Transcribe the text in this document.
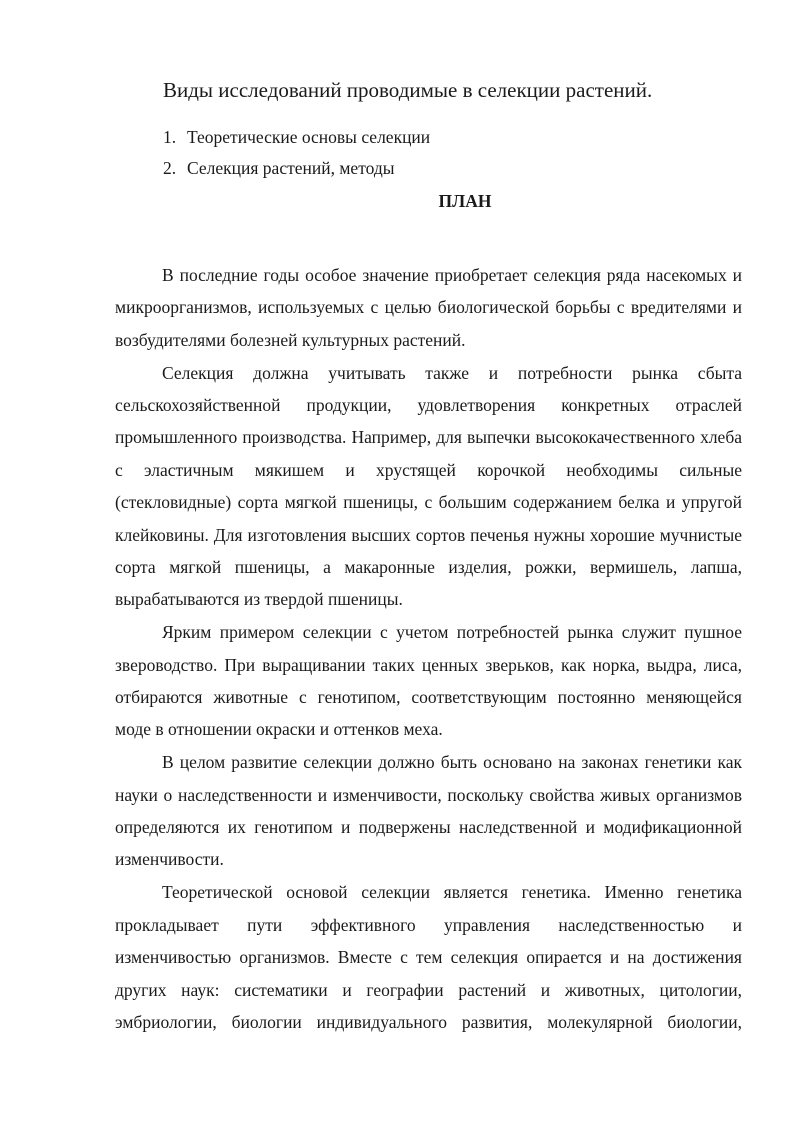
Виды исследований проводимые в селекции растений.
1. Теоретические основы селекции
2. Селекция растений, методы
ПЛАН

В последние годы особое значение приобретает селекция ряда насекомых и микроорганизмов, используемых с целью биологической борьбы с вредителями и возбудителями болезней культурных растений.

Селекция должна учитывать также и потребности рынка сбыта сельскохозяйственной продукции, удовлетворения конкретных отраслей промышленного производства. Например, для выпечки высококачественного хлеба с эластичным мякишем и хрустящей корочкой необходимы сильные (стекловидные) сорта мягкой пшеницы, с большим содержанием белка и упругой клейковины. Для изготовления высших сортов печенья нужны хорошие мучнистые сорта мягкой пшеницы, а макаронные изделия, рожки, вермишель, лапша, вырабатываются из твердой пшеницы.

Ярким примером селекции с учетом потребностей рынка служит пушное звероводство. При выращивании таких ценных зверьков, как норка, выдра, лиса, отбираются животные с генотипом, соответствующим постоянно меняющейся моде в отношении окраски и оттенков меха.

В целом развитие селекции должно быть основано на законах генетики как науки о наследственности и изменчивости, поскольку свойства живых организмов определяются их генотипом и подвержены наследственной и модификационной изменчивости.

Теоретической основой селекции является генетика. Именно генетика прокладывает пути эффективного управления наследственностью и изменчивостью организмов. Вместе с тем селекция опирается и на достижения других наук: систематики и географии растений и животных, цитологии, эмбриологии, биологии индивидуального развития, молекулярной биологии,
